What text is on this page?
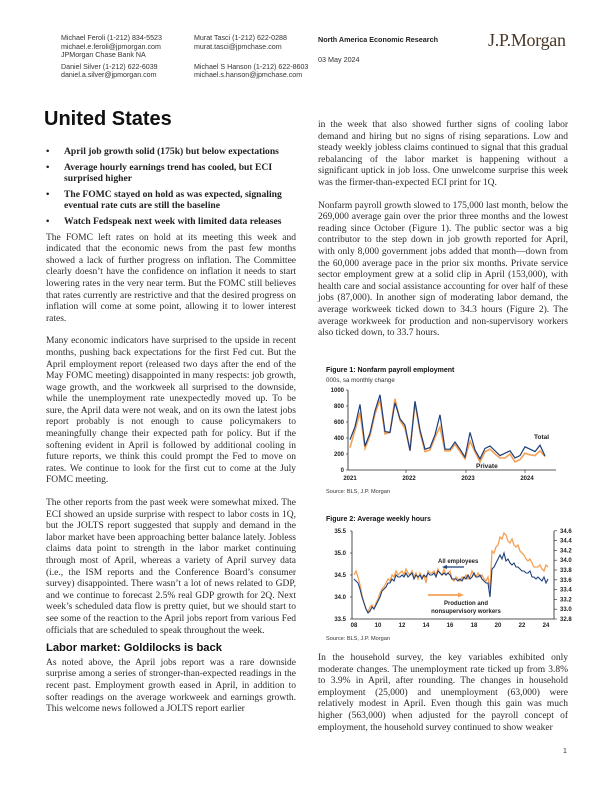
Michael Feroli (1-212) 834-5523
michael.e.feroli@jpmorgan.com
JPMorgan Chase Bank NA
Daniel Silver (1-212) 622-6039
daniel.a.silver@jpmorgan.com
Murat Tasci (1-212) 622-0288
murat.tasci@jpmchase.com
Michael S Hanson (1-212) 622-8603
michael.s.hanson@jpmchase.com
North America Economic Research
03 May 2024
J.P.Morgan
United States
• April job growth solid (175k) but below expectations
• Average hourly earnings trend has cooled, but ECI surprised higher
• The FOMC stayed on hold as was expected, signaling eventual rate cuts are still the baseline
• Watch Fedspeak next week with limited data releases

The FOMC left rates on hold at its meeting this week and indicated that the economic news from the past few months showed a lack of further progress on inflation. The Committee clearly doesn’t have the confidence on inflation it needs to start lowering rates in the very near term. But the FOMC still believes that rates currently are restrictive and that the desired progress on inflation will come at some point, allowing it to lower interest rates.

Many economic indicators have surprised to the upside in recent months, pushing back expectations for the first Fed cut. But the April employment report (released two days after the end of the May FOMC meeting) disappointed in many respects: job growth, wage growth, and the workweek all surprised to the downside, while the unemployment rate unexpectedly moved up. To be sure, the April data were not weak, and on its own the latest jobs report probably is not enough to cause policymakers to meaningfully change their expected path for policy. But if the softening evident in April is followed by additional cooling in future reports, we think this could prompt the Fed to move on rates. We continue to look for the first cut to come at the July FOMC meeting.

The other reports from the past week were somewhat mixed. The ECI showed an upside surprise with respect to labor costs in 1Q, but the JOLTS report suggested that supply and demand in the labor market have been approaching better balance lately. Jobless claims data point to strength in the labor market continuing through most of April, whereas a variety of April survey data (i.e., the ISM reports and the Conference Board’s consumer survey) disappointed. There wasn’t a lot of news related to GDP, and we continue to forecast 2.5% real GDP growth for 2Q. Next week’s scheduled data flow is pretty quiet, but we should start to see some of the reaction to the April jobs report from various Fed officials that are scheduled to speak throughout the week.

Labor market: Goldilocks is back

As noted above, the April jobs report was a rare downside surprise among a series of stronger-than-expected readings in the recent past. Employment growth eased in April, in addition to softer readings on the average workweek and earnings growth. This welcome news followed a JOLTS report earlier

in the week that also showed further signs of cooling labor demand and hiring but no signs of rising separations. Low and steady weekly jobless claims continued to signal that this gradual rebalancing of the labor market is happening without a significant uptick in job loss. One unwelcome surprise this week was the firmer-than-expected ECI print for 1Q.

Nonfarm payroll growth slowed to 175,000 last month, below the 269,000 average gain over the prior three months and the lowest reading since October (Figure 1). The public sector was a big contributor to the step down in job growth reported for April, with only 8,000 government jobs added that month—down from the 60,000 average pace in the prior six months. Private service sector employment grew at a solid clip in April (153,000), with health care and social assistance accounting for over half of these jobs (87,000). In another sign of moderating labor demand, the average workweek ticked down to 34.3 hours (Figure 2). The average workweek for production and non-supervisory workers also ticked down, to 33.7 hours.

Figure 1: Nonfarm payroll employment
000s, sa monthly change
0
200
400
600
800
1000
2021	2022	2023	2024
Total
Private
Source: BLS, J.P. Morgan
Figure 2: Average weekly hours
33.5
34.0
34.5
35.0
35.5
32.8
33.0
33.2
33.4
33.6
33.8
34.0
34.2
34.4
34.6
08	10	12	14	16	18	20	22	24
All employees
Production and
nonsupervisory workers
Source: BLS, J.P. Morgan

In the household survey, the key variables exhibited only moderate changes. The unemployment rate ticked up from 3.8% to 3.9% in April, after rounding. The changes in household employment (25,000) and unemployment (63,000) were relatively modest in April. Even though this gain was much higher (563,000) when adjusted for the payroll concept of employment, the household survey continued to show weaker

1
